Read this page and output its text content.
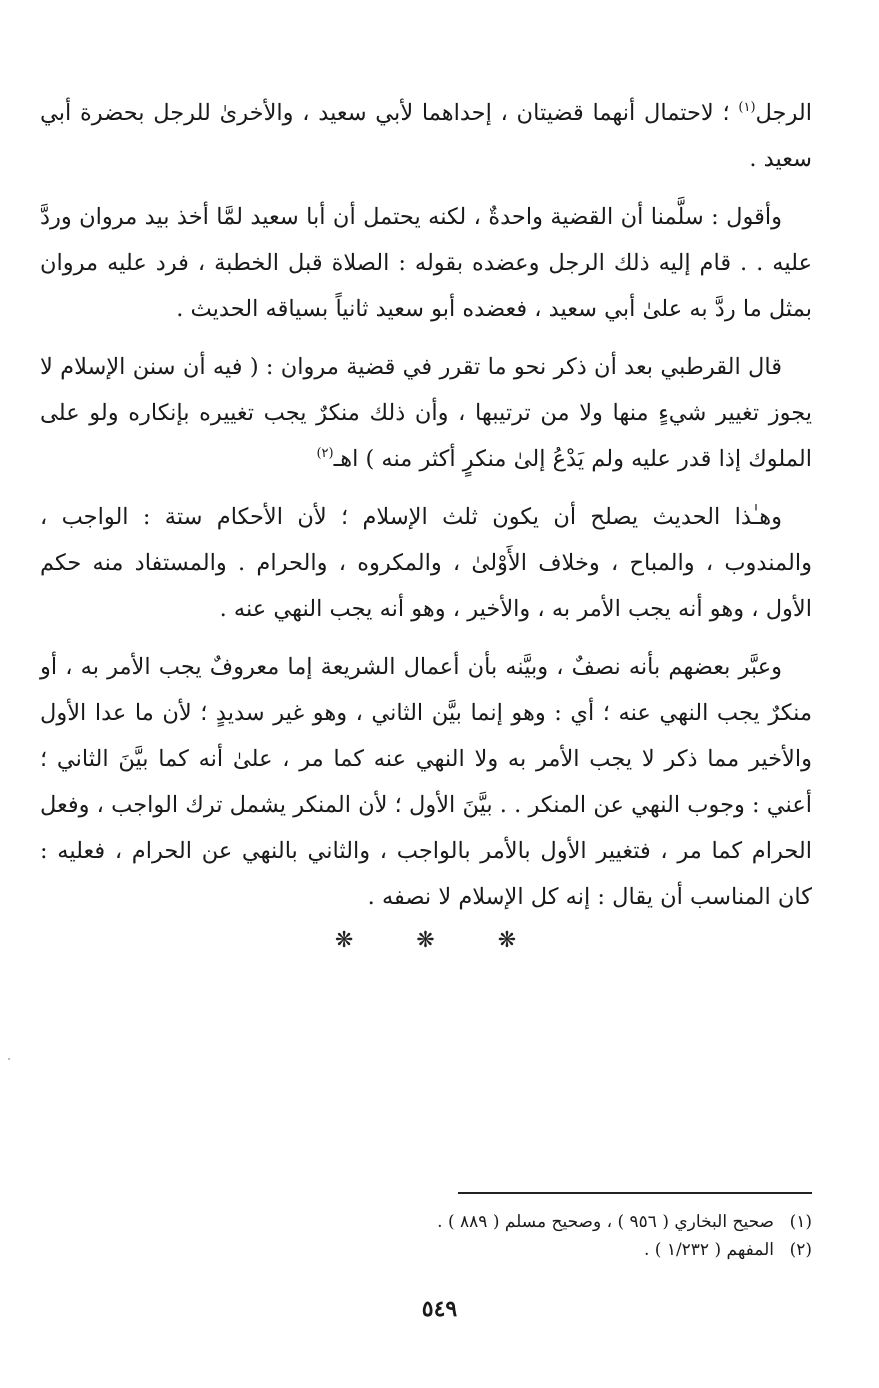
الرجل$^{(١)}$ ؛ لاحتمال أنهما قضيتان ، إحداهما لأبي سعيد ، والأخرىٰ للرجل بحضرة أبي سعيد .

وأقول : سلَّمنا أن القضية واحدةٌ ، لكنه يحتمل أن أبا سعيد لمَّا أخذ بيد مروان وردَّ عليه . . قام إليه ذلك الرجل وعضده بقوله : الصلاة قبل الخطبة ، فرد عليه مروان بمثل ما ردَّ به علىٰ أبي سعيد ، فعضده أبو سعيد ثانياً بسياقه الحديث .

قال القرطبي بعد أن ذكر نحو ما تقرر في قضية مروان : ( فيه أن سنن الإسلام لا يجوز تغيير شيءٍ منها ولا من ترتيبها ، وأن ذلك منكرٌ يجب تغييره بإنكاره ولو على الملوك إذا قدر عليه ولم يَدْعُ إلىٰ منكرٍ أكثر منه ) اهـ$^{(٢)}$

وهـٰذا الحديث يصلح أن يكون ثلث الإسلام ؛ لأن الأحكام ستة : الواجب ، والمندوب ، والمباح ، وخلاف الأَوْلىٰ ، والمكروه ، والحرام . والمستفاد منه حكم الأول ، وهو أنه يجب الأمر به ، والأخير ، وهو أنه يجب النهي عنه .

وعبَّر بعضهم بأنه نصفٌ ، وبيَّنه بأن أعمال الشريعة إما معروفٌ يجب الأمر به ، أو منكرٌ يجب النهي عنه ؛ أي : وهو إنما بيَّن الثاني ، وهو غير سديدٍ ؛ لأن ما عدا الأول والأخير مما ذكر لا يجب الأمر به ولا النهي عنه كما مر ، علىٰ أنه كما بيَّنَ الثاني ؛ أعني : وجوب النهي عن المنكر . . بيَّنَ الأول ؛ لأن المنكر يشمل ترك الواجب ، وفعل الحرام كما مر ، فتغيير الأول بالأمر بالواجب ، والثاني بالنهي عن الحرام ، فعليه : كان المناسب أن يقال : إنه كل الإسلام لا نصفه .

❋ ❋ ❋
(١)صحيح البخاري ( ٩٥٦ ) ، وصحيح مسلم ( ٨٨٩ ) .
(٢)المفهم ( ١/٢٣٢ ) .
٥٤٩
